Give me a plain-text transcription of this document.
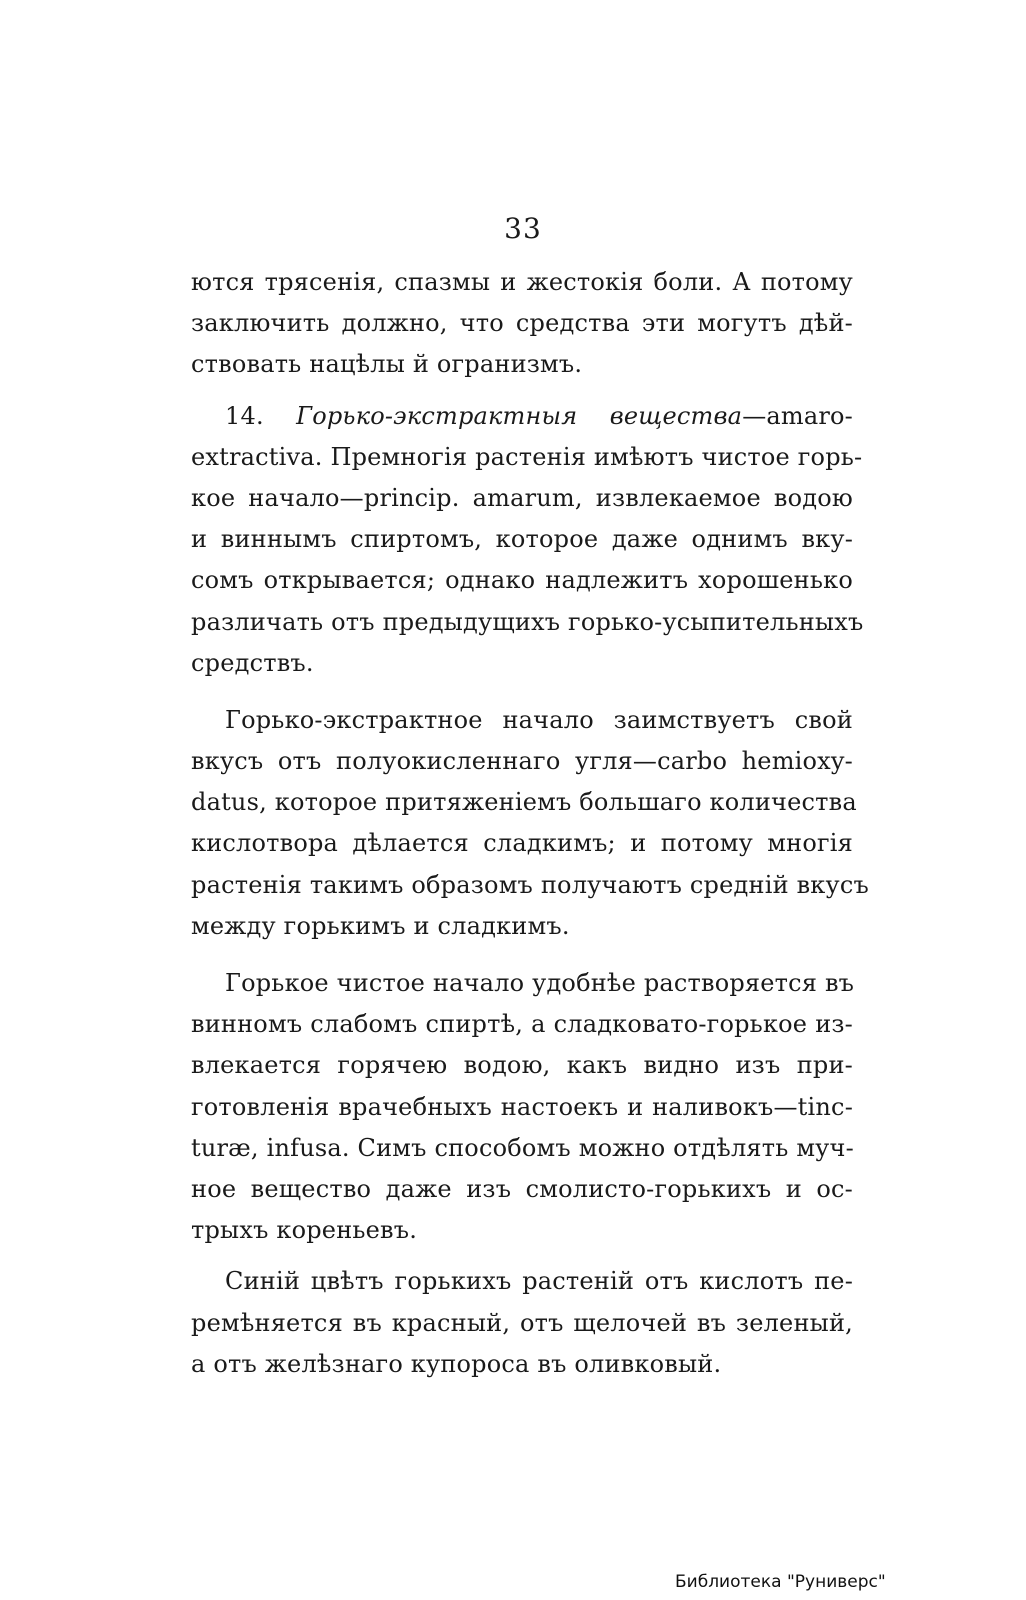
33
ются трясенія, спазмы и жестокія боли. А потому
заключить должно, что средства эти могутъ дѣй-
ствовать нацѣлы й огранизмъ.
14. Горько-экстрактныя вещества—amaro-
extractiva. Премногія растенія имѣютъ чистое горь-
кое начало—princip. amarum, извлекаемое водою
и виннымъ спиртомъ, которое даже однимъ вку-
сомъ открывается; однако надлежитъ хорошенько
различать отъ предыдущихъ горько-усыпительныхъ
средствъ.
Горько-экстрактное начало заимствуетъ свой
вкусъ отъ полуокисленнаго угля—carbo hemioxy-
datus, которое притяженіемъ большаго количества
кислотвора дѣлается сладкимъ; и потому многія
растенія такимъ образомъ получаютъ средній вкусъ
между горькимъ и сладкимъ.
Горькое чистое начало удобнѣе растворяется въ
винномъ слабомъ спиртѣ, а сладковато-горькое из-
влекается горячею водою, какъ видно изъ при-
готовленія врачебныхъ настоекъ и наливокъ—tinc-
turæ, infusa. Симъ способомъ можно отдѣлять муч-
ное вещество даже изъ смолисто-горькихъ и ос-
трыхъ кореньевъ.
Синій цвѣтъ горькихъ растеній отъ кислотъ пе-
ремѣняется въ красный, отъ щелочей въ зеленый,
а отъ желѣзнаго купороса въ оливковый.
Библиотека "Руниверс"
